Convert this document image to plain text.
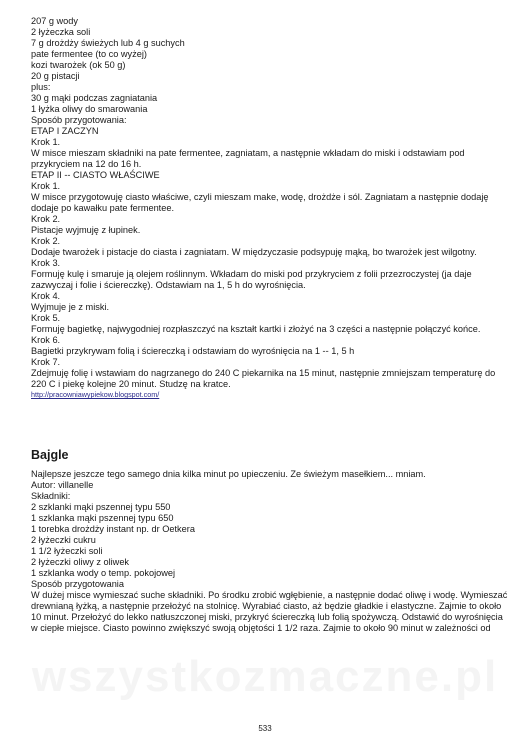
207 g wody
2 łyżeczka soli
7 g drożdży świeżych lub 4 g suchych
pate fermentee (to co wyżej)
kozi twarożek (ok 50 g)
20 g pistacji
plus:
30 g mąki podczas zagniatania
1 łyżka oliwy do smarowania
Sposób przygotowania:
ETAP I ZACZYN
Krok 1.
W misce mieszam składniki na pate fermentee, zagniatam, a następnie wkładam do miski i odstawiam pod przykryciem na 12 do 16 h.
ETAP II -- CIASTO WŁAŚCIWE
Krok 1.
W misce przygotowuję ciasto właściwe, czyli mieszam make, wodę, drożdże i sól. Zagniatam a następnie dodaję dodaje po kawałku pate fermentee.
Krok 2.
Pistacje wyjmuję z łupinek.
Krok 2.
Dodaje twarożek i pistacje do ciasta i zagniatam. W międzyczasie podsypuję mąką, bo twarożek jest wilgotny.
Krok 3.
Formuję kulę i smaruje ją olejem roślinnym. Wkładam do miski pod przykryciem z folii przezroczystej (ja daje zazwyczaj i folie i ściereczkę). Odstawiam na 1, 5 h do wyrośnięcia.
Krok 4.
Wyjmuje je z miski.
Krok 5.
Formuję bagietkę, najwygodniej rozpłaszczyć na kształt kartki i złożyć na 3 części a następnie połączyć końce.
Krok 6.
Bagietki przykrywam folią i ściereczką i odstawiam do wyrośnięcia na 1 -- 1, 5 h
Krok 7.
Zdejmuję folię i wstawiam do nagrzanego do 240 C piekarnika na 15 minut, następnie zmniejszam temperaturę do 220 C i piekę kolejne 20 minut. Studzę na kratce.
http://pracowniawypiekow.blogspot.com/
Bajgle
Najlepsze jeszcze tego samego dnia kilka minut po upieczeniu. Ze świeżym masełkiem... mniam.
Autor: villanelle
Składniki:
2 szklanki mąki pszennej typu 550
1 szklanka mąki pszennej typu 650
1 torebka drożdży instant np. dr Oetkera
2 łyżeczki cukru
1 1/2 łyżeczki soli
2 łyżeczki oliwy z oliwek
1 szklanka wody o temp. pokojowej
Sposób przygotowania
W dużej misce wymieszać suche składniki. Po środku zrobić wgłębienie, a następnie dodać oliwę i wodę. Wymieszać drewnianą łyżką, a następnie przełożyć na stolnicę. Wyrabiać ciasto, aż będzie gładkie i elastyczne. Zajmie to około 10 minut. Przełożyć do lekko natłuszczonej miski, przykryć ściereczką lub folią spożywczą. Odstawić do wyrośnięcia w ciepłe miejsce. Ciasto powinno zwiększyć swoją objętości 1 1/2 raza. Zajmie to około 90 minut w zależności od
wszystkozmaczne.pl
533
